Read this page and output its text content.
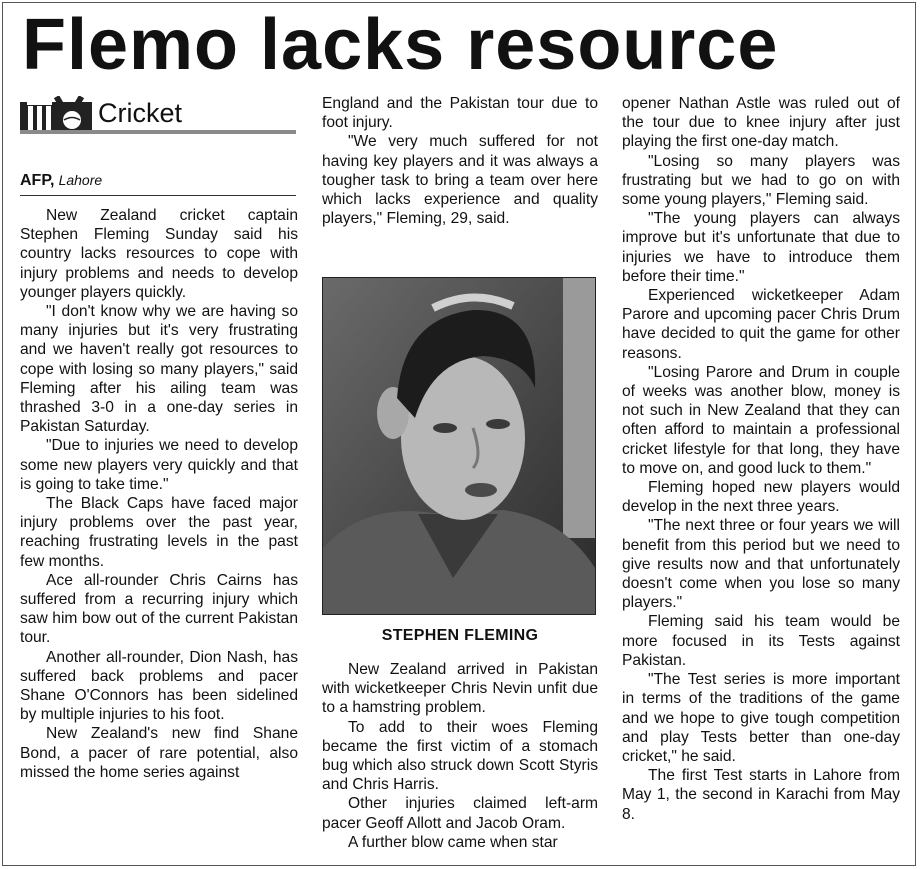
Flemo lacks resource
Cricket
AFP, Lahore

New Zealand cricket captain Stephen Fleming Sunday said his country lacks resources to cope with injury problems and needs to develop younger players quickly.

"I don't know why we are having so many injuries but it's very frustrating and we haven't really got resources to cope with losing so many players," said Fleming after his ailing team was thrashed 3-0 in a one-day series in Pakistan Saturday.

"Due to injuries we need to develop some new players very quickly and that is going to take time."

The Black Caps have faced major injury problems over the past year, reaching frustrating levels in the past few months.

Ace all-rounder Chris Cairns has suffered from a recurring injury which saw him bow out of the current Pakistan tour.

Another all-rounder, Dion Nash, has suffered back problems and pacer Shane O'Connors has been sidelined by multiple injuries to his foot.

New Zealand's new find Shane Bond, a pacer of rare potential, also missed the home series against

England and the Pakistan tour due to foot injury.

"We very much suffered for not having key players and it was always a tougher task to bring a team over here which lacks experience and quality players," Fleming, 29, said.

STEPHEN FLEMING

New Zealand arrived in Pakistan with wicketkeeper Chris Nevin unfit due to a hamstring problem.

To add to their woes Fleming became the first victim of a stomach bug which also struck down Scott Styris and Chris Harris.

Other injuries claimed left-arm pacer Geoff Allott and Jacob Oram.

A further blow came when star

opener Nathan Astle was ruled out of the tour due to knee injury after just playing the first one-day match.

"Losing so many players was frustrating but we had to go on with some young players," Fleming said.

"The young players can always improve but it's unfortunate that due to injuries we have to introduce them before their time."

Experienced wicketkeeper Adam Parore and upcoming pacer Chris Drum have decided to quit the game for other reasons.

"Losing Parore and Drum in couple of weeks was another blow, money is not such in New Zealand that they can often afford to maintain a professional cricket lifestyle for that long, they have to move on, and good luck to them."

Fleming hoped new players would develop in the next three years.

"The next three or four years we will benefit from this period but we need to give results now and that unfortunately doesn't come when you lose so many players."

Fleming said his team would be more focused in its Tests against Pakistan.

"The Test series is more important in terms of the traditions of the game and we hope to give tough competition and play Tests better than one-day cricket," he said.

The first Test starts in Lahore from May 1, the second in Karachi from May 8.
